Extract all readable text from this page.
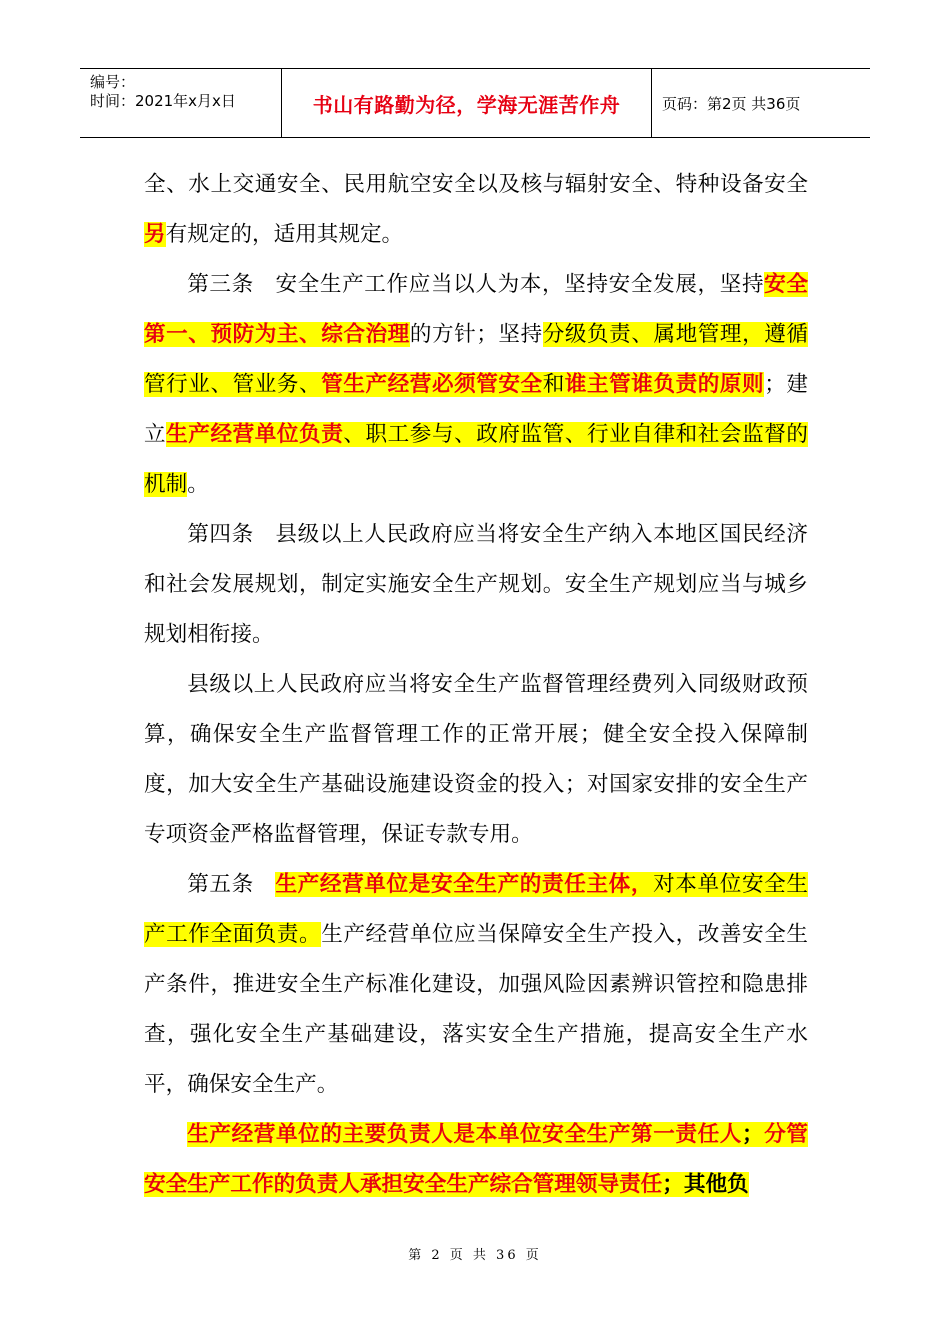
编号：
时间：2021年x月x日	书山有路勤为径，学海无涯苦作舟	页码：第2页 共36页

全、水上交通安全、民用航空安全以及核与辐射安全、特种设备安全另有规定的，适用其规定。

第三条 安全生产工作应当以人为本，坚持安全发展，坚持安全第一、预防为主、综合治理的方针；坚持分级负责、属地管理，遵循管行业、管业务、管生产经营必须管安全和谁主管谁负责的原则；建立生产经营单位负责、职工参与、政府监管、行业自律和社会监督的机制。

第四条 县级以上人民政府应当将安全生产纳入本地区国民经济和社会发展规划，制定实施安全生产规划。安全生产规划应当与城乡规划相衔接。

县级以上人民政府应当将安全生产监督管理经费列入同级财政预算，确保安全生产监督管理工作的正常开展；健全安全投入保障制度，加大安全生产基础设施建设资金的投入；对国家安排的安全生产专项资金严格监督管理，保证专款专用。

第五条 生产经营单位是安全生产的责任主体，对本单位安全生产工作全面负责。生产经营单位应当保障安全生产投入，改善安全生产条件，推进安全生产标准化建设，加强风险因素辨识管控和隐患排查，强化安全生产基础建设，落实安全生产措施，提高安全生产水平，确保安全生产。

生产经营单位的主要负责人是本单位安全生产第一责任人；分管安全生产工作的负责人承担安全生产综合管理领导责任；其他负

第 2 页 共 36 页
